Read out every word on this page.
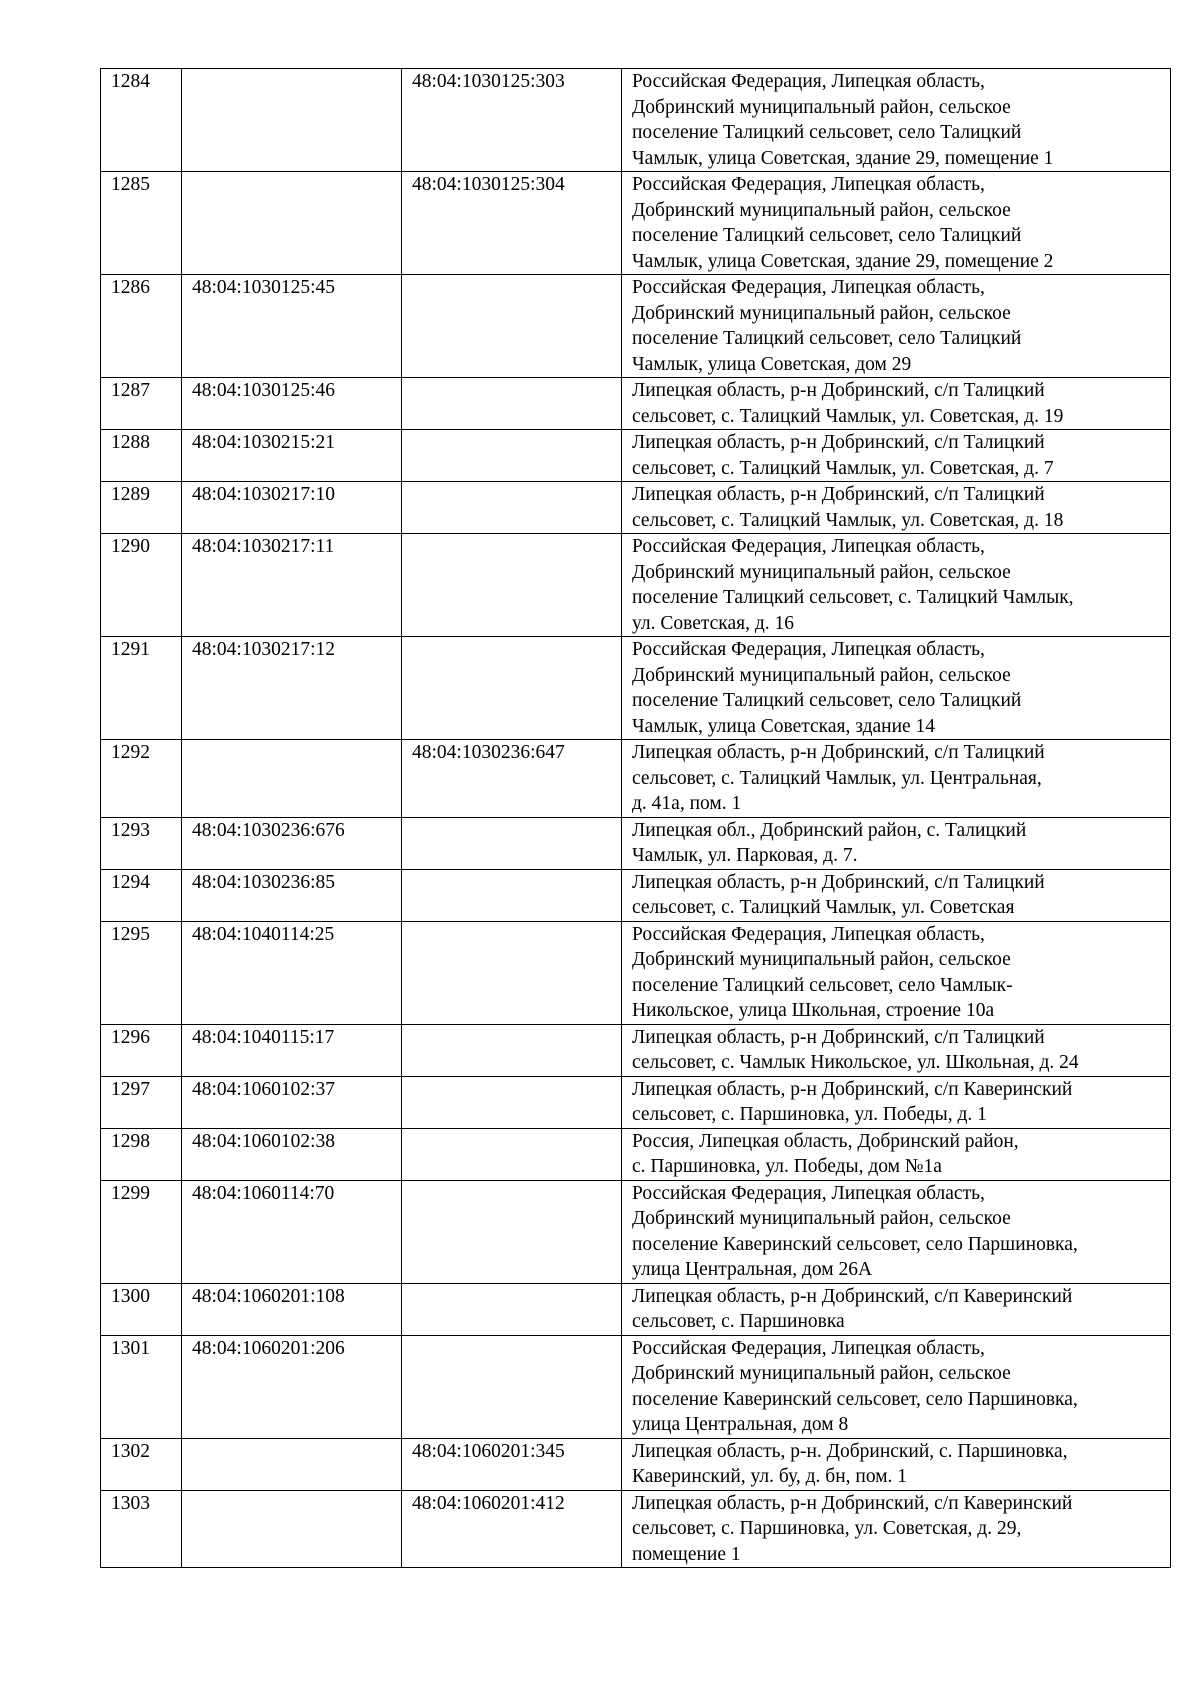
1284		48:04:1030125:303	Российская Федерация, Липецкая область,
Добринский муниципальный район, сельское
поселение Талицкий сельсовет, село Талицкий
Чамлык, улица Советская, здание 29, помещение 1
1285		48:04:1030125:304	Российская Федерация, Липецкая область,
Добринский муниципальный район, сельское
поселение Талицкий сельсовет, село Талицкий
Чамлык, улица Советская, здание 29, помещение 2
1286	48:04:1030125:45		Российская Федерация, Липецкая область,
Добринский муниципальный район, сельское
поселение Талицкий сельсовет, село Талицкий
Чамлык, улица Советская, дом 29
1287	48:04:1030125:46		Липецкая область, р-н Добринский, с/п Талицкий
сельсовет, с. Талицкий Чамлык, ул. Советская, д. 19
1288	48:04:1030215:21		Липецкая область, р-н Добринский, с/п Талицкий
сельсовет, с. Талицкий Чамлык, ул. Советская, д. 7
1289	48:04:1030217:10		Липецкая область, р-н Добринский, с/п Талицкий
сельсовет, с. Талицкий Чамлык, ул. Советская, д. 18
1290	48:04:1030217:11		Российская Федерация, Липецкая область,
Добринский муниципальный район, сельское
поселение Талицкий сельсовет, с. Талицкий Чамлык,
ул. Советская, д. 16
1291	48:04:1030217:12		Российская Федерация, Липецкая область,
Добринский муниципальный район, сельское
поселение Талицкий сельсовет, село Талицкий
Чамлык, улица Советская, здание 14
1292		48:04:1030236:647	Липецкая область, р-н Добринский, с/п Талицкий
сельсовет, с. Талицкий Чамлык, ул. Центральная,
д. 41а, пом. 1
1293	48:04:1030236:676		Липецкая обл., Добринский район, с. Талицкий
Чамлык, ул. Парковая, д. 7.
1294	48:04:1030236:85		Липецкая область, р-н Добринский, с/п Талицкий
сельсовет, с. Талицкий Чамлык, ул. Советская
1295	48:04:1040114:25		Российская Федерация, Липецкая область,
Добринский муниципальный район, сельское
поселение Талицкий сельсовет, село Чамлык-
Никольское, улица Школьная, строение 10а
1296	48:04:1040115:17		Липецкая область, р-н Добринский, с/п Талицкий
сельсовет, с. Чамлык Никольское, ул. Школьная, д. 24
1297	48:04:1060102:37		Липецкая область, р-н Добринский, с/п Каверинский
сельсовет, с. Паршиновка, ул. Победы, д. 1
1298	48:04:1060102:38		Россия, Липецкая область, Добринский район,
с. Паршиновка, ул. Победы, дом №1а
1299	48:04:1060114:70		Российская Федерация, Липецкая область,
Добринский муниципальный район, сельское
поселение Каверинский сельсовет, село Паршиновка,
улица Центральная, дом 26А
1300	48:04:1060201:108		Липецкая область, р-н Добринский, с/п Каверинский
сельсовет, с. Паршиновка
1301	48:04:1060201:206		Российская Федерация, Липецкая область,
Добринский муниципальный район, сельское
поселение Каверинский сельсовет, село Паршиновка,
улица Центральная, дом 8
1302		48:04:1060201:345	Липецкая область, р-н. Добринский, с. Паршиновка,
Каверинский, ул. бу, д. бн, пом. 1
1303		48:04:1060201:412	Липецкая область, р-н Добринский, с/п Каверинский
сельсовет, с. Паршиновка, ул. Советская, д. 29,
помещение 1
